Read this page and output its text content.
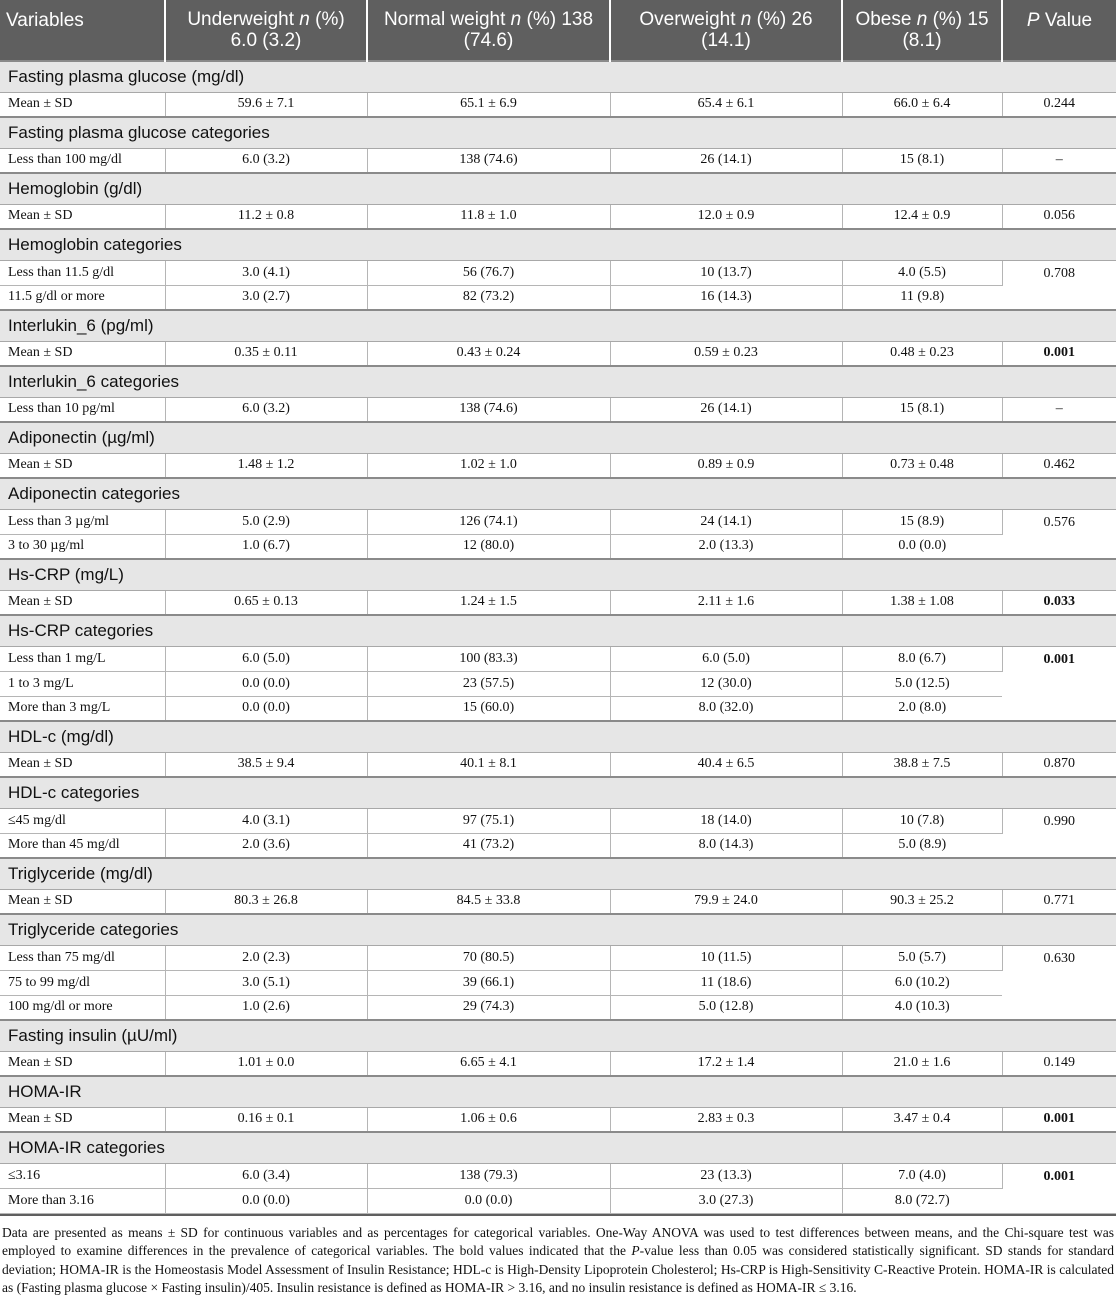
Variables	Underweight n (%) 6.0 (3.2)	Normal weight n (%) 138 (74.6)	Overweight n (%) 26 (14.1)	Obese n (%) 15 (8.1)	P Value
Fasting plasma glucose (mg/dl)					
Mean ± SD	59.6 ± 7.1	65.1 ± 6.9	65.4 ± 6.1	66.0 ± 6.4	0.244
Fasting plasma glucose categories					
Less than 100 mg/dl	6.0 (3.2)	138 (74.6)	26 (14.1)	15 (8.1)	–
Hemoglobin (g/dl)					
Mean ± SD	11.2 ± 0.8	11.8 ± 1.0	12.0 ± 0.9	12.4 ± 0.9	0.056
Hemoglobin categories					
Less than 11.5 g/dl	3.0 (4.1)	56 (76.7)	10 (13.7)	4.0 (5.5)	0.708
11.5 g/dl or more	3.0 (2.7)	82 (73.2)	16 (14.3)	11 (9.8)	
Interlukin_6 (pg/ml)					
Mean ± SD	0.35 ± 0.11	0.43 ± 0.24	0.59 ± 0.23	0.48 ± 0.23	0.001
Interlukin_6 categories					
Less than 10 pg/ml	6.0 (3.2)	138 (74.6)	26 (14.1)	15 (8.1)	–
Adiponectin (µg/ml)					
Mean ± SD	1.48 ± 1.2	1.02 ± 1.0	0.89 ± 0.9	0.73 ± 0.48	0.462
Adiponectin categories					
Less than 3 µg/ml	5.0 (2.9)	126 (74.1)	24 (14.1)	15 (8.9)	0.576
3 to 30 µg/ml	1.0 (6.7)	12 (80.0)	2.0 (13.3)	0.0 (0.0)	
Hs-CRP (mg/L)					
Mean ± SD	0.65 ± 0.13	1.24 ± 1.5	2.11 ± 1.6	1.38 ± 1.08	0.033
Hs-CRP categories					
Less than 1 mg/L	6.0 (5.0)	100 (83.3)	6.0 (5.0)	8.0 (6.7)	0.001
1 to 3 mg/L	0.0 (0.0)	23 (57.5)	12 (30.0)	5.0 (12.5)	
More than 3 mg/L	0.0 (0.0)	15 (60.0)	8.0 (32.0)	2.0 (8.0)	
HDL-c (mg/dl)					
Mean ± SD	38.5 ± 9.4	40.1 ± 8.1	40.4 ± 6.5	38.8 ± 7.5	0.870
HDL-c categories					
≤45 mg/dl	4.0 (3.1)	97 (75.1)	18 (14.0)	10 (7.8)	0.990
More than 45 mg/dl	2.0 (3.6)	41 (73.2)	8.0 (14.3)	5.0 (8.9)	
Triglyceride (mg/dl)					
Mean ± SD	80.3 ± 26.8	84.5 ± 33.8	79.9 ± 24.0	90.3 ± 25.2	0.771
Triglyceride categories					
Less than 75 mg/dl	2.0 (2.3)	70 (80.5)	10 (11.5)	5.0 (5.7)	0.630
75 to 99 mg/dl	3.0 (5.1)	39 (66.1)	11 (18.6)	6.0 (10.2)	
100 mg/dl or more	1.0 (2.6)	29 (74.3)	5.0 (12.8)	4.0 (10.3)	
Fasting insulin (µU/ml)					
Mean ± SD	1.01 ± 0.0	6.65 ± 4.1	17.2 ± 1.4	21.0 ± 1.6	0.149
HOMA-IR					
Mean ± SD	0.16 ± 0.1	1.06 ± 0.6	2.83 ± 0.3	3.47 ± 0.4	0.001
HOMA-IR categories					
≤3.16	6.0 (3.4)	138 (79.3)	23 (13.3)	7.0 (4.0)	0.001
More than 3.16	0.0 (0.0)	0.0 (0.0)	3.0 (27.3)	8.0 (72.7)	

Data are presented as means ± SD for continuous variables and as percentages for categorical variables. One-Way ANOVA was used to test differences between means, and the Chi-square test was employed to examine differences in the prevalence of categorical variables. The bold values indicated that the P-value less than 0.05 was considered statistically significant. SD stands for standard deviation; HOMA-IR is the Homeostasis Model Assessment of Insulin Resistance; HDL-c is High-Density Lipoprotein Cholesterol; Hs-CRP is High-Sensitivity C-Reactive Protein. HOMA-IR is calculated as (Fasting plasma glucose × Fasting insulin)/405. Insulin resistance is defined as HOMA-IR > 3.16, and no insulin resistance is defined as HOMA-IR ≤ 3.16.
